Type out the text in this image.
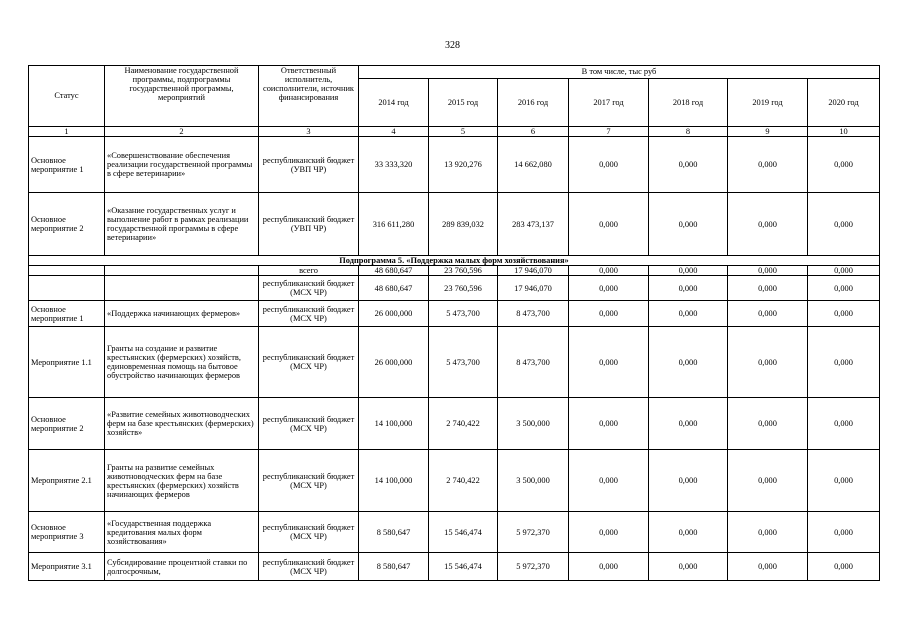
328
Статус	Наименование государственной программы, подпрограммы государственной программы, мероприятий	Ответственный исполнитель, соисполнители, источник финансирования	В том числе, тыс руб						
			2014 год	2015 год	2016 год	2017 год	2018 год	2019 год	2020 год
1	2	3	4	5	6	7	8	9	10
Основное мероприятие 1	«Совершенствование обеспечения реализации государственной программы в сфере ветеринарии»	республиканский бюджет (УВП ЧР)	33 333,320	13 920,276	14 662,080	0,000	0,000	0,000	0,000
Основное мероприятие 2	«Оказание государственных услуг и выполнение работ в рамках реализации государственной программы в сфере ветеринарии»	республиканский бюджет (УВП ЧР)	316 611,280	289 839,032	283 473,137	0,000	0,000	0,000	0,000
Подпрограмма 5. «Поддержка малых форм хозяйствования»									
		всего	48 680,647	23 760,596	17 946,070	0,000	0,000	0,000	0,000
		республиканский бюджет (МСХ ЧР)	48 680,647	23 760,596	17 946,070	0,000	0,000	0,000	0,000
Основное мероприятие 1	«Поддержка начинающих фермеров»	республиканский бюджет (МСХ ЧР)	26 000,000	5 473,700	8 473,700	0,000	0,000	0,000	0,000
Мероприятие 1.1	Гранты на создание и развитие крестьянских (фермерских) хозяйств, единовременная помощь на бытовое обустройство начинающих фермеров	республиканский бюджет (МСХ ЧР)	26 000,000	5 473,700	8 473,700	0,000	0,000	0,000	0,000
Основное мероприятие 2	«Развитие семейных животноводческих ферм на базе крестьянских (фермерских) хозяйств»	республиканский бюджет (МСХ ЧР)	14 100,000	2 740,422	3 500,000	0,000	0,000	0,000	0,000
Мероприятие 2.1	Гранты на развитие семейных животноводческих ферм на базе крестьянских (фермерских) хозяйств начинающих фермеров	республиканский бюджет (МСХ ЧР)	14 100,000	2 740,422	3 500,000	0,000	0,000	0,000	0,000
Основное мероприятие 3	«Государственная поддержка кредитования малых форм хозяйствования»	республиканский бюджет (МСХ ЧР)	8 580,647	15 546,474	5 972,370	0,000	0,000	0,000	0,000
Мероприятие 3.1	Субсидирование процентной ставки по долгосрочным,	республиканский бюджет (МСХ ЧР)	8 580,647	15 546,474	5 972,370	0,000	0,000	0,000	0,000
